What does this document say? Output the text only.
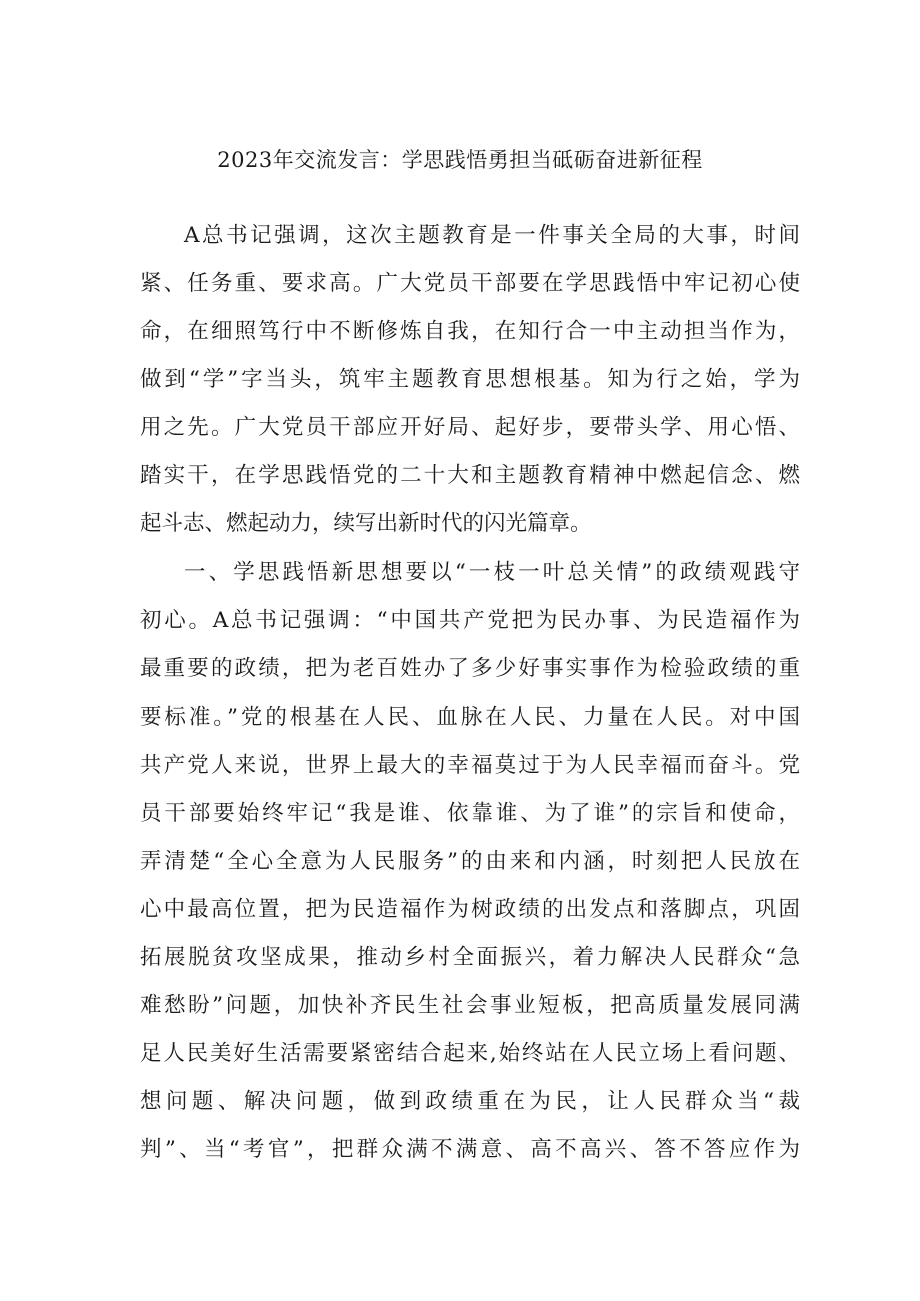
2023年交流发言：学思践悟勇担当砥砺奋进新征程
A总书记强调，这次主题教育是一件事关全局的大事，时间
紧、任务重、要求高。广大党员干部要在学思践悟中牢记初心使
命，在细照笃行中不断修炼自我，在知行合一中主动担当作为，
做到“学”字当头，筑牢主题教育思想根基。知为行之始，学为
用之先。广大党员干部应开好局、起好步，要带头学、用心悟、
踏实干，在学思践悟党的二十大和主题教育精神中燃起信念、燃
起斗志、燃起动力，续写出新时代的闪光篇章。
一、学思践悟新思想要以“一枝一叶总关情”的政绩观践守
初心。A总书记强调：“中国共产党把为民办事、为民造福作为
最重要的政绩，把为老百姓办了多少好事实事作为检验政绩的重
要标准。”党的根基在人民、血脉在人民、力量在人民。对中国
共产党人来说，世界上最大的幸福莫过于为人民幸福而奋斗。党
员干部要始终牢记“我是谁、依靠谁、为了谁”的宗旨和使命，
弄清楚“全心全意为人民服务”的由来和内涵，时刻把人民放在
心中最高位置，把为民造福作为树政绩的出发点和落脚点，巩固
拓展脱贫攻坚成果，推动乡村全面振兴，着力解决人民群众“急
难愁盼”问题，加快补齐民生社会事业短板，把高质量发展同满
足人民美好生活需要紧密结合起来,始终站在人民立场上看问题、
想问题、解决问题，做到政绩重在为民，让人民群众当“裁
判”、当“考官”，把群众满不满意、高不高兴、答不答应作为
